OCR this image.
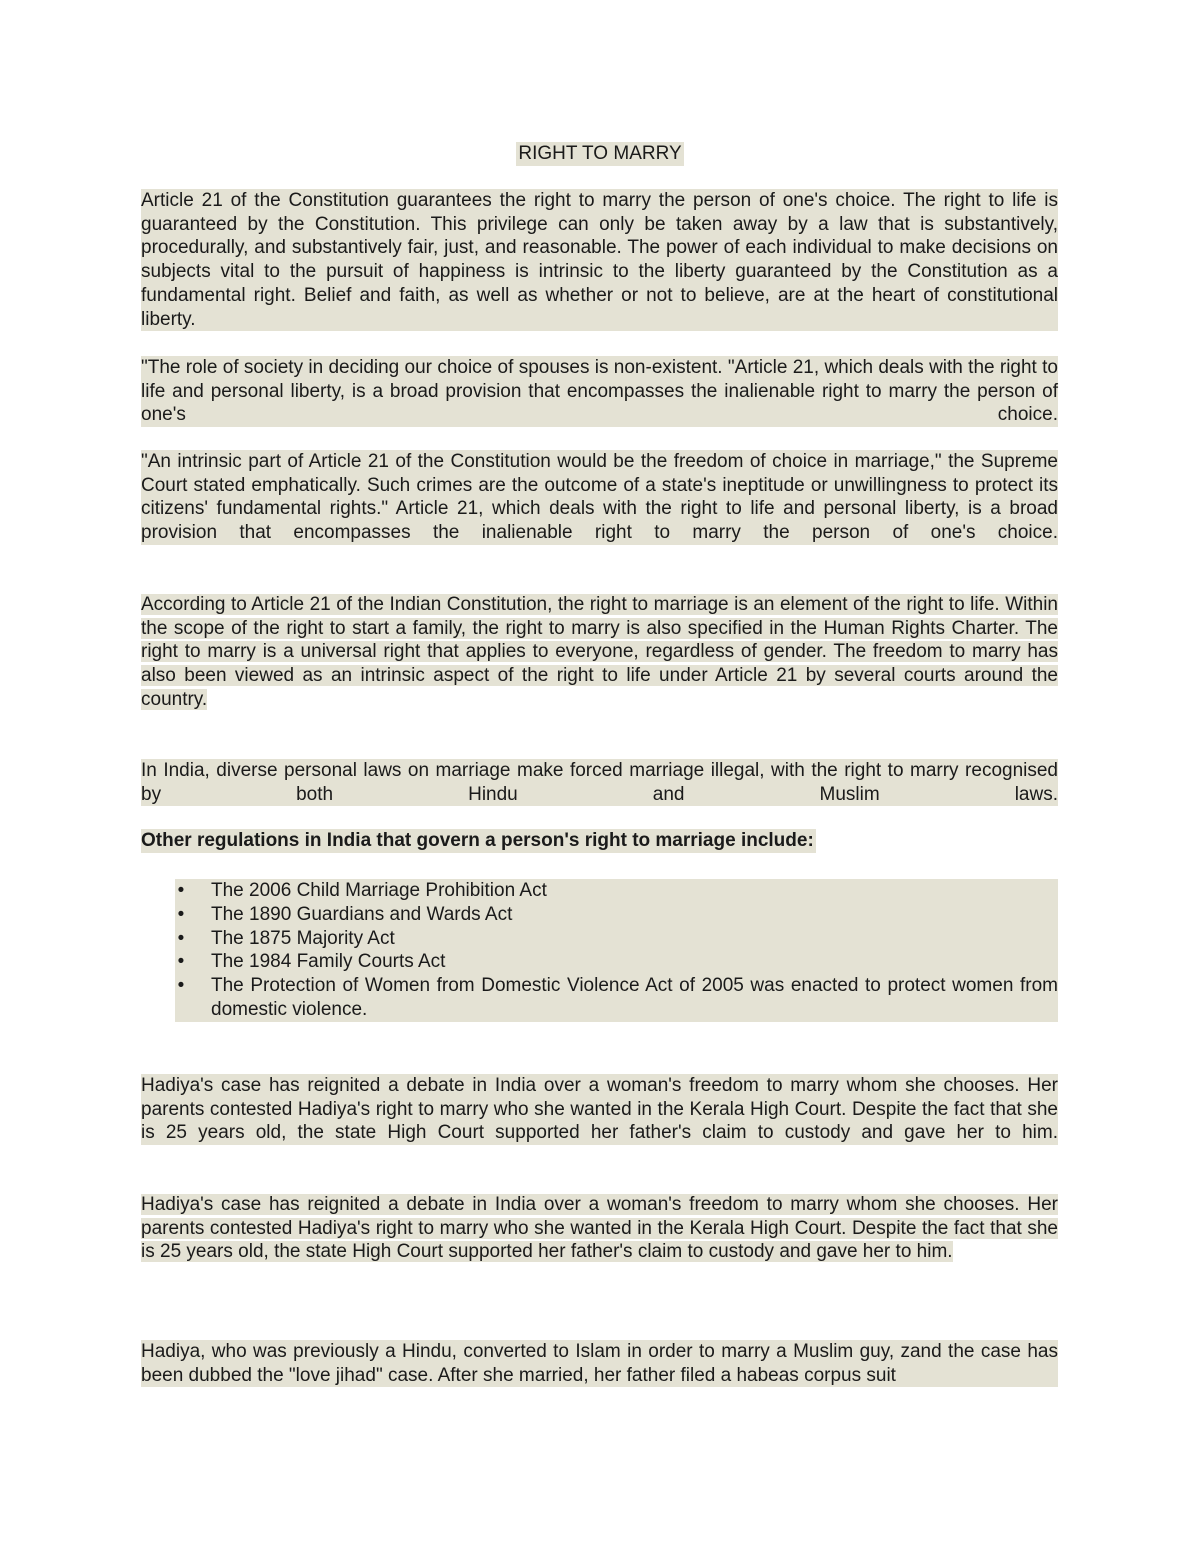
RIGHT TO MARRY

Article 21 of the Constitution guarantees the right to marry the person of one's choice. The right to life is guaranteed by the Constitution. This privilege can only be taken away by a law that is substantively, procedurally, and substantively fair, just, and reasonable. The power of each individual to make decisions on subjects vital to the pursuit of happiness is intrinsic to the liberty guaranteed by the Constitution as a fundamental right. Belief and faith, as well as whether or not to believe, are at the heart of constitutional liberty.

"The role of society in deciding our choice of spouses is non-existent. "Article 21, which deals with the right to life and personal liberty, is a broad provision that encompasses the inalienable right to marry the person of one's choice.

"An intrinsic part of Article 21 of the Constitution would be the freedom of choice in marriage," the Supreme Court stated emphatically. Such crimes are the outcome of a state's ineptitude or unwillingness to protect its citizens' fundamental rights." Article 21, which deals with the right to life and personal liberty, is a broad provision that encompasses the inalienable right to marry the person of one's choice.

According to Article 21 of the Indian Constitution, the right to marriage is an element of the right to life. Within the scope of the right to start a family, the right to marry is also specified in the Human Rights Charter. The right to marry is a universal right that applies to everyone, regardless of gender. The freedom to marry has also been viewed as an intrinsic aspect of the right to life under Article 21 by several courts around the country.

In India, diverse personal laws on marriage make forced marriage illegal, with the right to marry recognised by both Hindu and Muslim laws.

Other regulations in India that govern a person's right to marriage include:
• The 2006 Child Marriage Prohibition Act
• The 1890 Guardians and Wards Act
• The 1875 Majority Act
• The 1984 Family Courts Act
• The Protection of Women from Domestic Violence Act of 2005 was enacted to protect women from domestic violence.

Hadiya's case has reignited a debate in India over a woman's freedom to marry whom she chooses. Her parents contested Hadiya's right to marry who she wanted in the Kerala High Court. Despite the fact that she is 25 years old, the state High Court supported her father's claim to custody and gave her to him.

Hadiya's case has reignited a debate in India over a woman's freedom to marry whom she chooses. Her parents contested Hadiya's right to marry who she wanted in the Kerala High Court. Despite the fact that she is 25 years old, the state High Court supported her father's claim to custody and gave her to him.

Hadiya, who was previously a Hindu, converted to Islam in order to marry a Muslim guy, zand the case has been dubbed the "love jihad" case. After she married, her father filed a habeas corpus suit
